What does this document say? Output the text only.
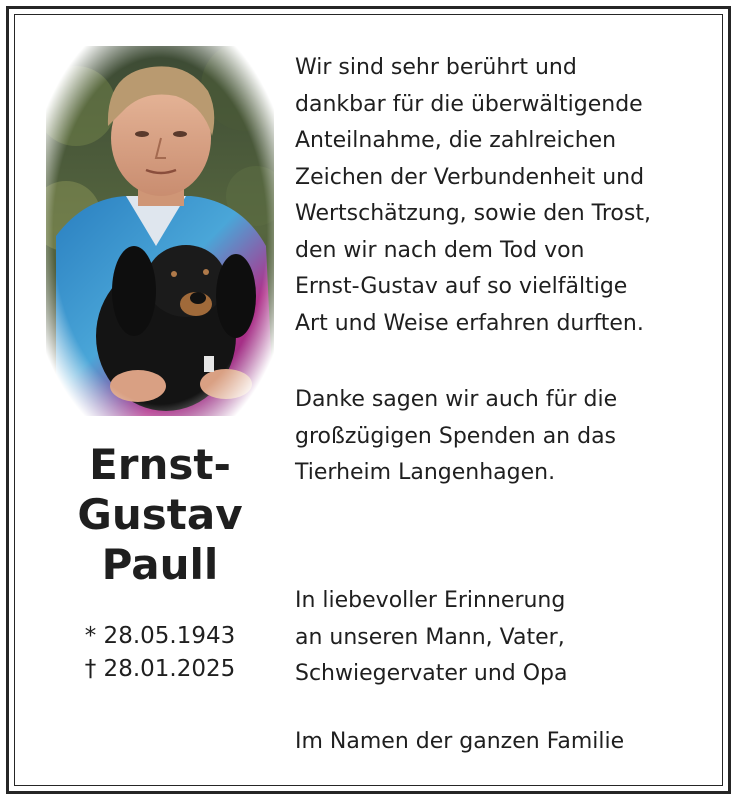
Ernst-
Gustav
Paull
* 28.05.1943
† 28.01.2025
Wir sind sehr berührt und
dankbar für die überwältigende
Anteilnahme, die zahlreichen
Zeichen der Verbundenheit und
Wertschätzung, sowie den Trost,
den wir nach dem Tod von
Ernst-Gustav auf so vielfältige
Art und Weise erfahren durften.
Danke sagen wir auch für die
großzügigen Spenden an das
Tierheim Langenhagen.
In liebevoller Erinnerung
an unseren Mann, Vater,
Schwiegervater und Opa
Im Namen der ganzen Familie
